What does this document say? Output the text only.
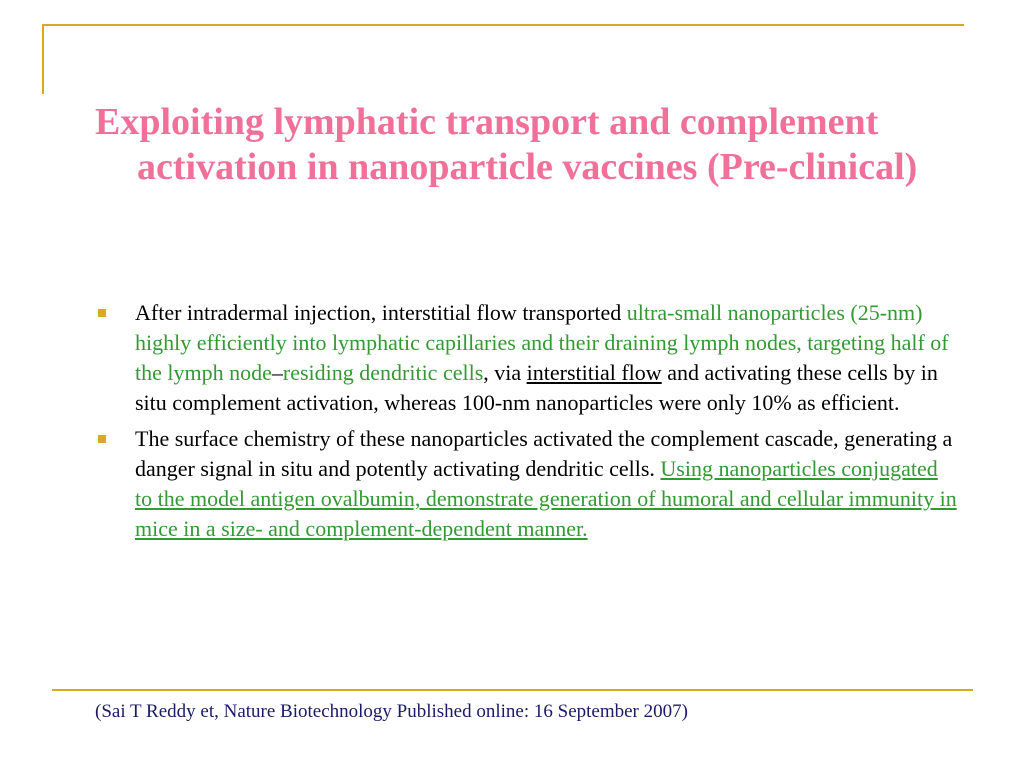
Exploiting lymphatic transport and complement activation in nanoparticle vaccines (Pre-clinical)
After intradermal injection, interstitial flow transported ultra-small nanoparticles (25-nm) highly efficiently into lymphatic capillaries and their draining lymph nodes, targeting half of the lymph node–residing dendritic cells, via interstitial flow and activating these cells by in situ complement activation, whereas 100-nm nanoparticles were only 10% as efficient.
The surface chemistry of these nanoparticles activated the complement cascade, generating a danger signal in situ and potently activating dendritic cells. Using nanoparticles conjugated to the model antigen ovalbumin, demonstrate generation of humoral and cellular immunity in mice in a size- and complement-dependent manner.
(Sai T Reddy et, Nature Biotechnology Published online: 16 September 2007)
